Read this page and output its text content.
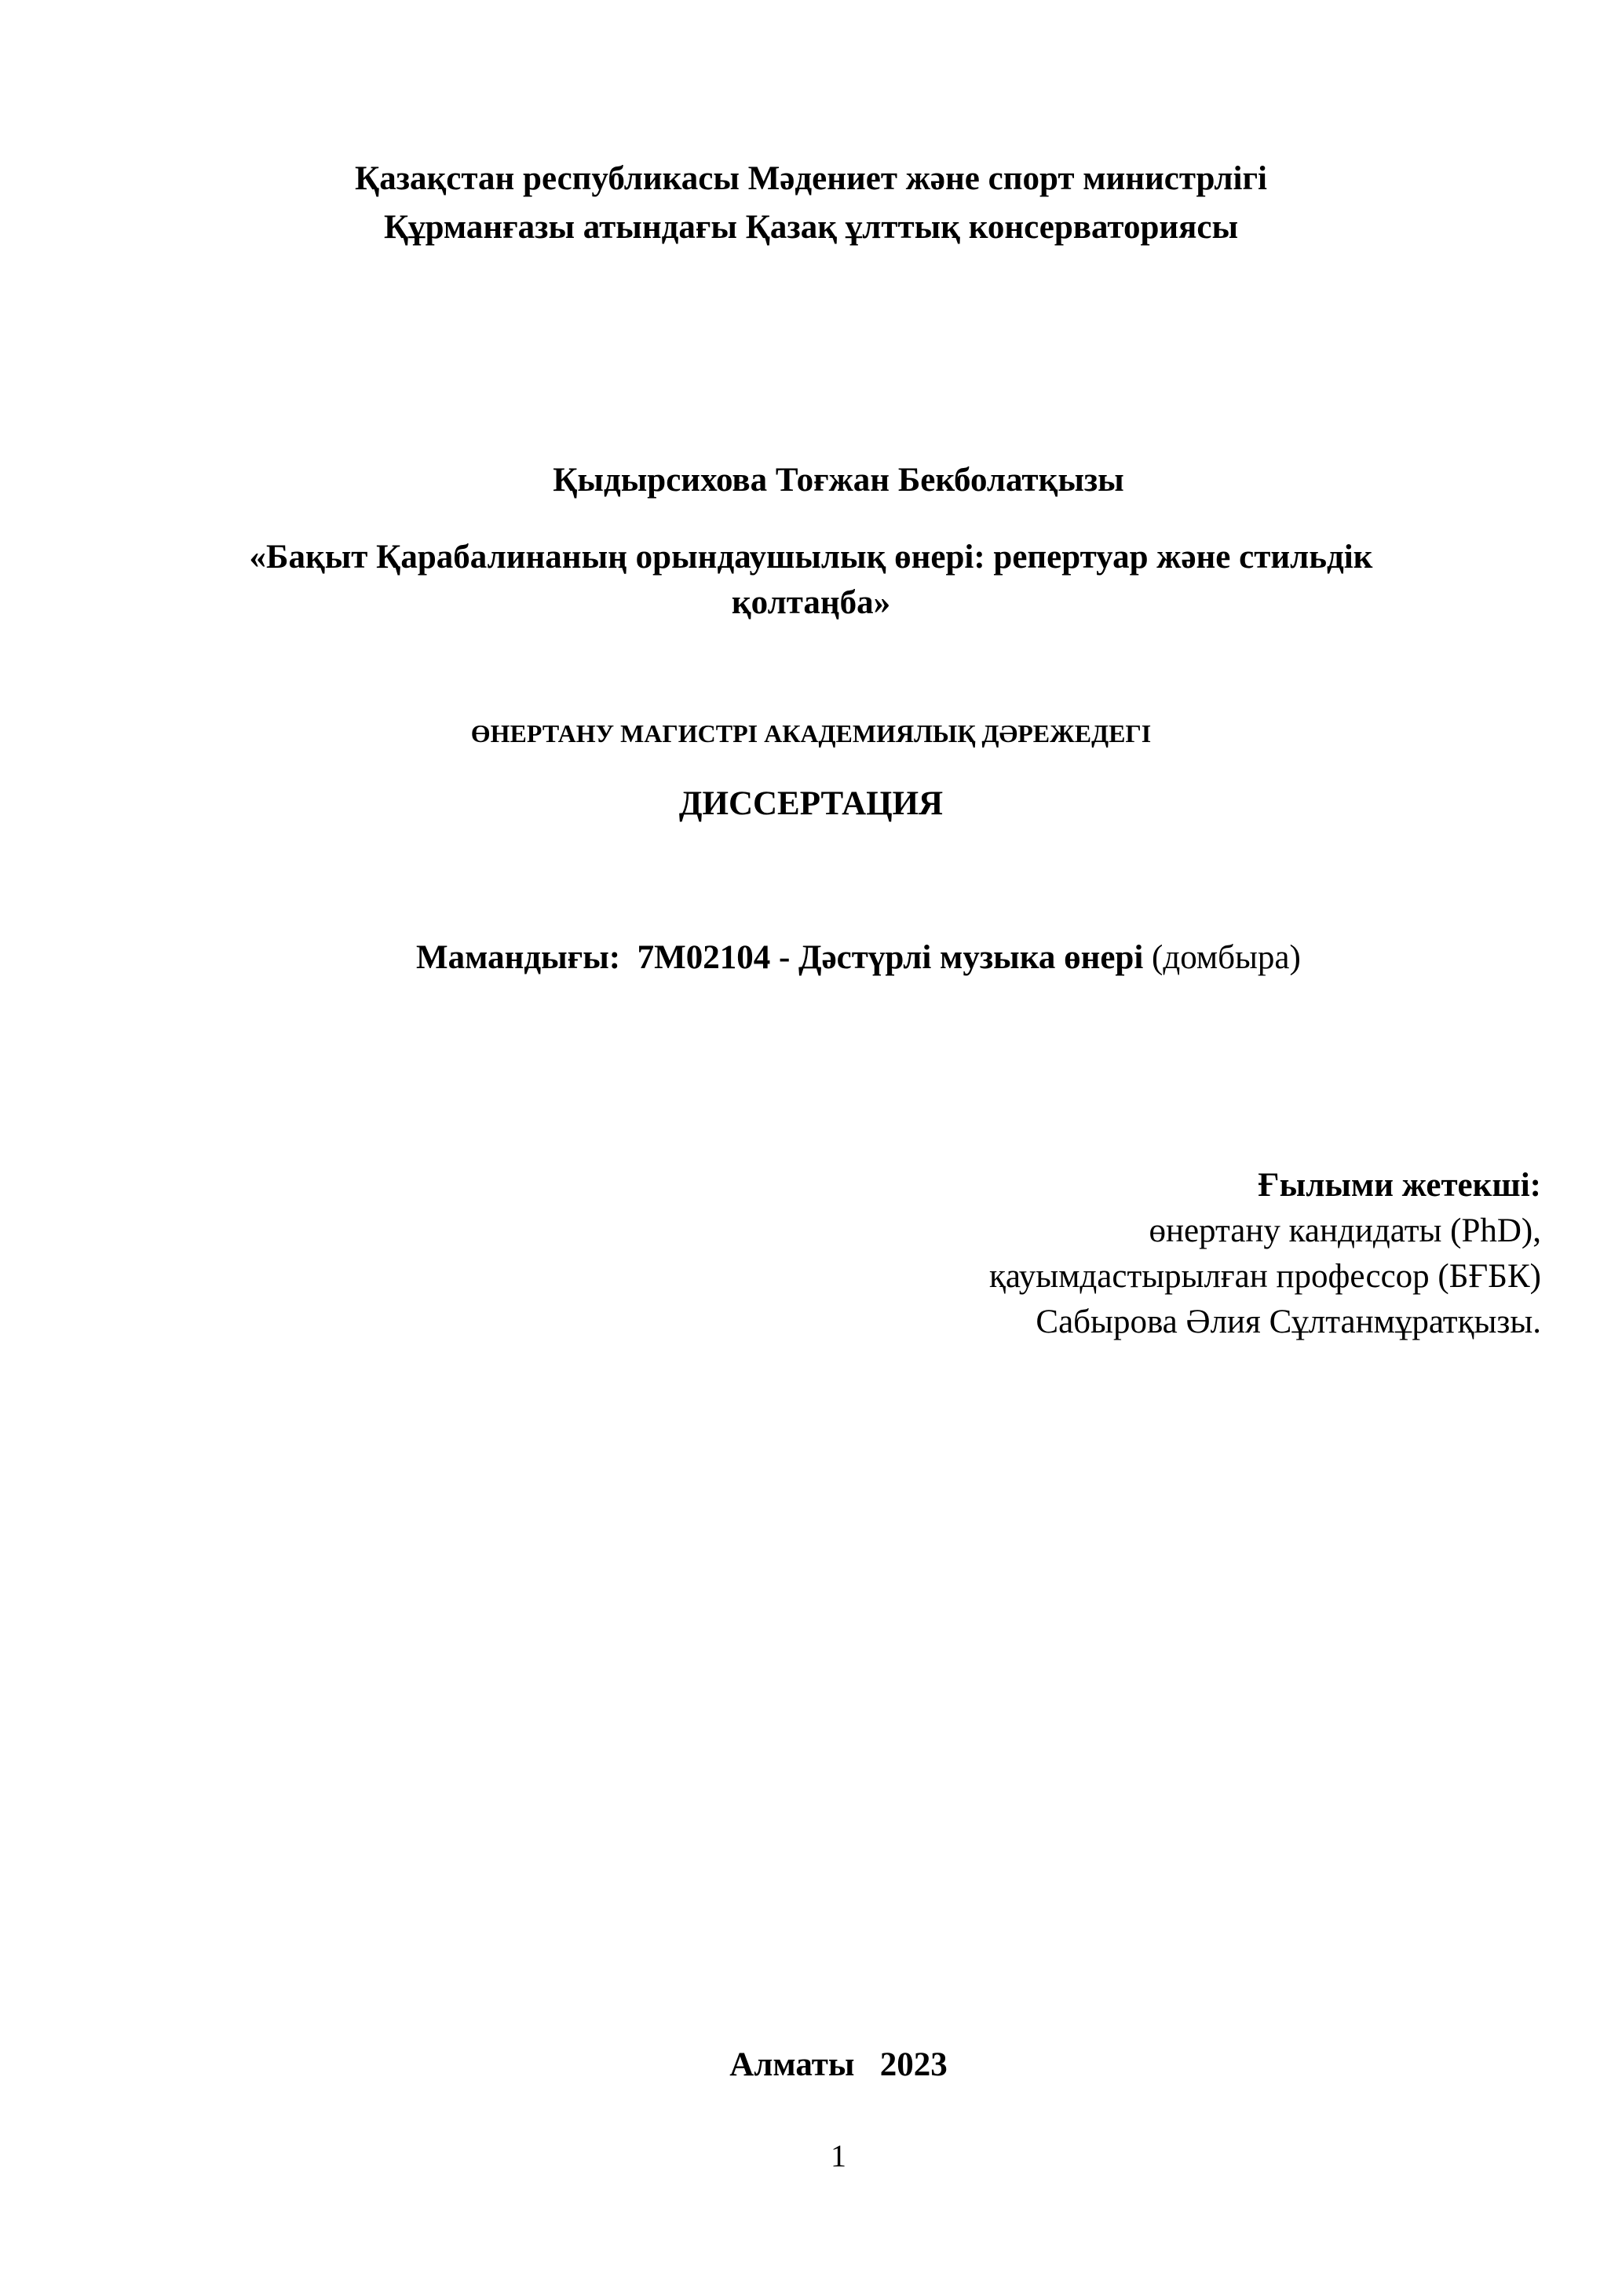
Қазақстан республикасы Мәдениет және спорт министрлігі
Құрманғазы атындағы Қазақ ұлттық консерваториясы
Қыдырсихова Тоғжан Бекболатқызы
«Бақыт Қарабалинаның орындаушылық өнері: репертуар және стильдік
қолтаңба»
ӨНЕРТАНУ МАГИСТРІ АКАДЕМИЯЛЫҚ ДӘРЕЖЕДЕГІ
ДИССЕРТАЦИЯ
Мамандығы: 7М02104 - Дәстүрлі музыка өнері (домбыра)
Ғылыми жетекші:
өнертану кандидаты (PhD),
қауымдастырылған профессор (БҒБК)
Сабырова Әлия Сұлтанмұратқызы.
Алматы 2023
1
